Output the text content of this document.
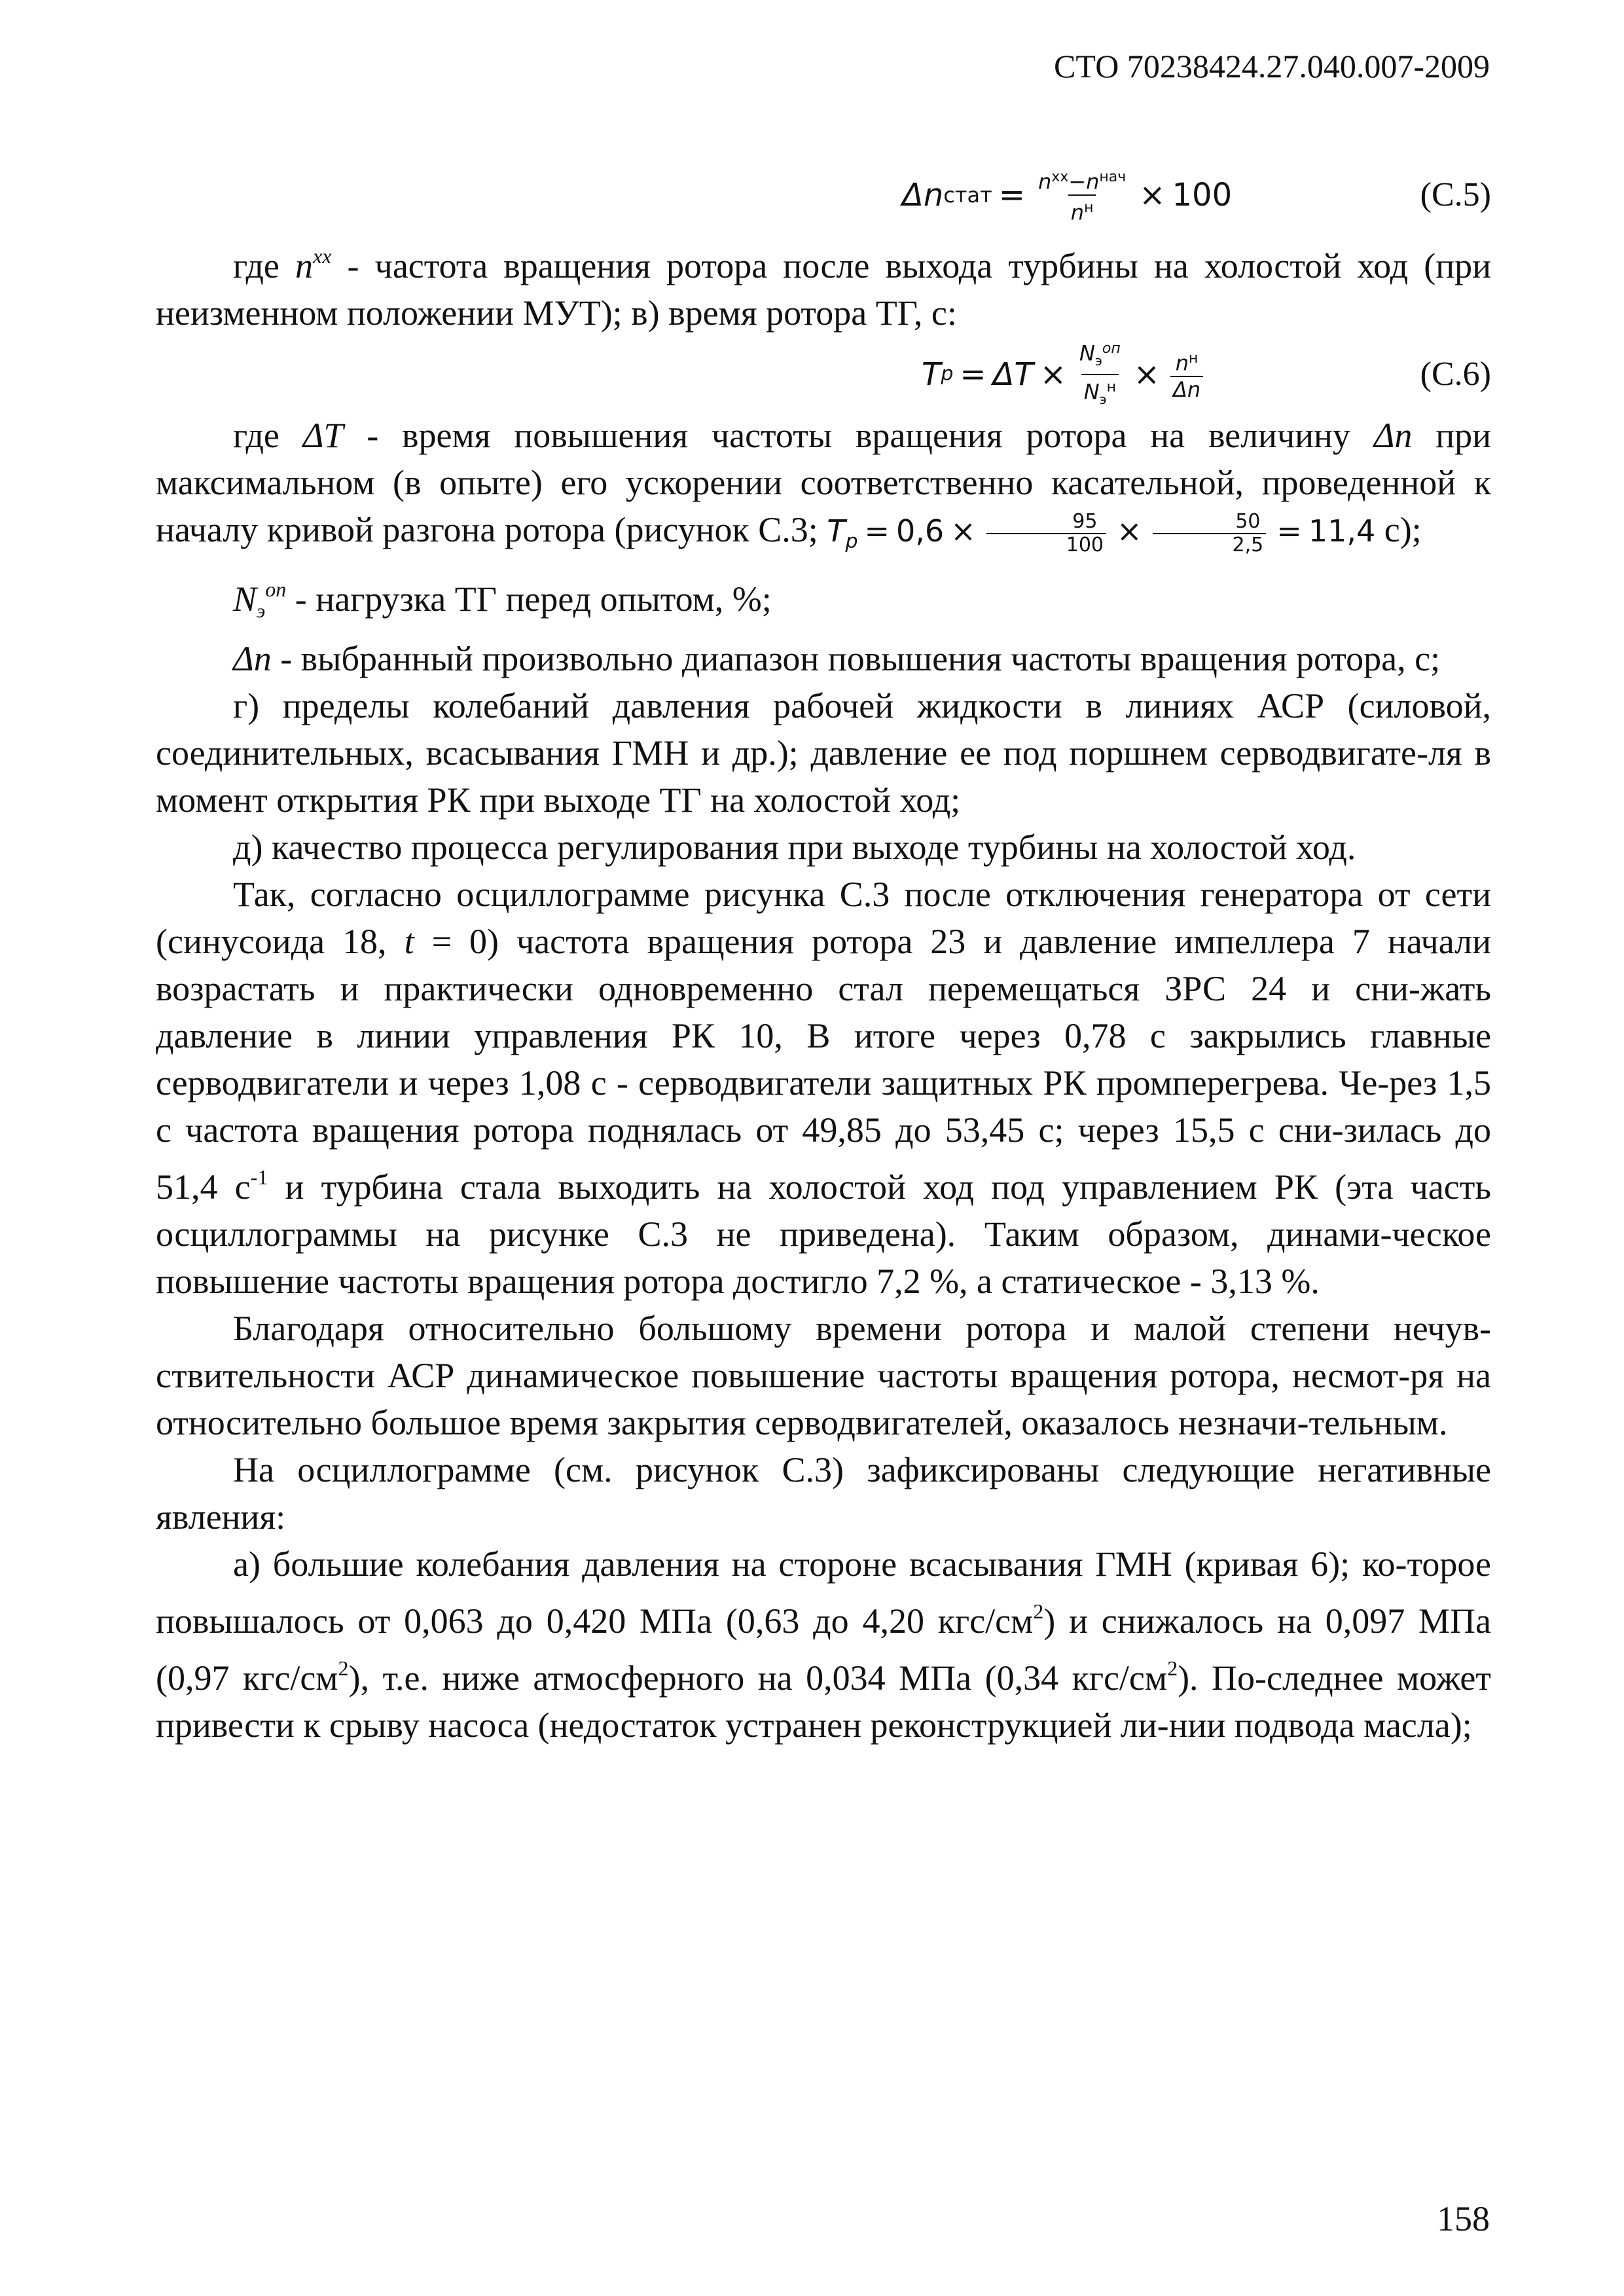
СТО 70238424.27.040.007-2009
Δn стат = $\frac{n^{хх}-n^{нач}}{n^н} \times 100$	(С.5)

где $n^{xx}$ - частота вращения ротора после выхода турбины на холостой ход (при неизменном положении МУТ); в) время ротора ТГ, с:

T $p = \Delta T \times \frac{N_э^{оп}}{N_э^н} \times \frac{n^н}{\Delta n}$	(С.6)

где ΔT - время повышения частоты вращения ротора на величину Δn при максимальном (в опыте) его ускорении соответственно касательной, проведенной к началу кривой разгона ротора (рисунок С.3; $T_p = 0,6 \times \frac{95}{100} \times \frac{50}{2,5} = 11,4$ с);

$N_э^{оп}$ - нагрузка ТГ перед опытом, %;

Δn - выбранный произвольно диапазон повышения частоты вращения ротора, с;

г) пределы колебаний давления рабочей жидкости в линиях АСР (силовой, соединительных, всасывания ГМН и др.); давление ее под поршнем серводвигате-ля в момент открытия РК при выходе ТГ на холостой ход;

д) качество процесса регулирования при выходе турбины на холостой ход.

Так, согласно осциллограмме рисунка С.3 после отключения генератора от сети (синусоида 18, t = 0) частота вращения ротора 23 и давление импеллера 7 начали возрастать и практически одновременно стал перемещаться ЗРС 24 и сни-жать давление в линии управления РК 10, В итоге через 0,78 с закрылись главные серводвигатели и через 1,08 с - серводвигатели защитных РК промперегрева. Че-рез 1,5 с частота вращения ротора поднялась от 49,85 до 53,45 с; через 15,5 с сни-зилась до 51,4 $с^{-1}$ и турбина стала выходить на холостой ход под управлением РК (эта часть осциллограммы на рисунке С.3 не приведена). Таким образом, динами-ческое повышение частоты вращения ротора достигло 7,2 %, а статическое - 3,13 %.

Благодаря относительно большому времени ротора и малой степени нечув-ствительности АСР динамическое повышение частоты вращения ротора, несмот-ря на относительно большое время закрытия серводвигателей, оказалось незначи-тельным.

На осциллограмме (см. рисунок С.3) зафиксированы следующие негативные явления:

а) большие колебания давления на стороне всасывания ГМН (кривая 6); ко-торое повышалось от 0,063 до 0,420 МПа (0,63 до 4,20 кгс/$см^2$) и снижалось на 0,097 МПа (0,97 кгс/$см^2$), т.е. ниже атмосферного на 0,034 МПа (0,34 кгс/$см^2$). По-следнее может привести к срыву насоса (недостаток устранен реконструкцией ли-нии подвода масла);

158
